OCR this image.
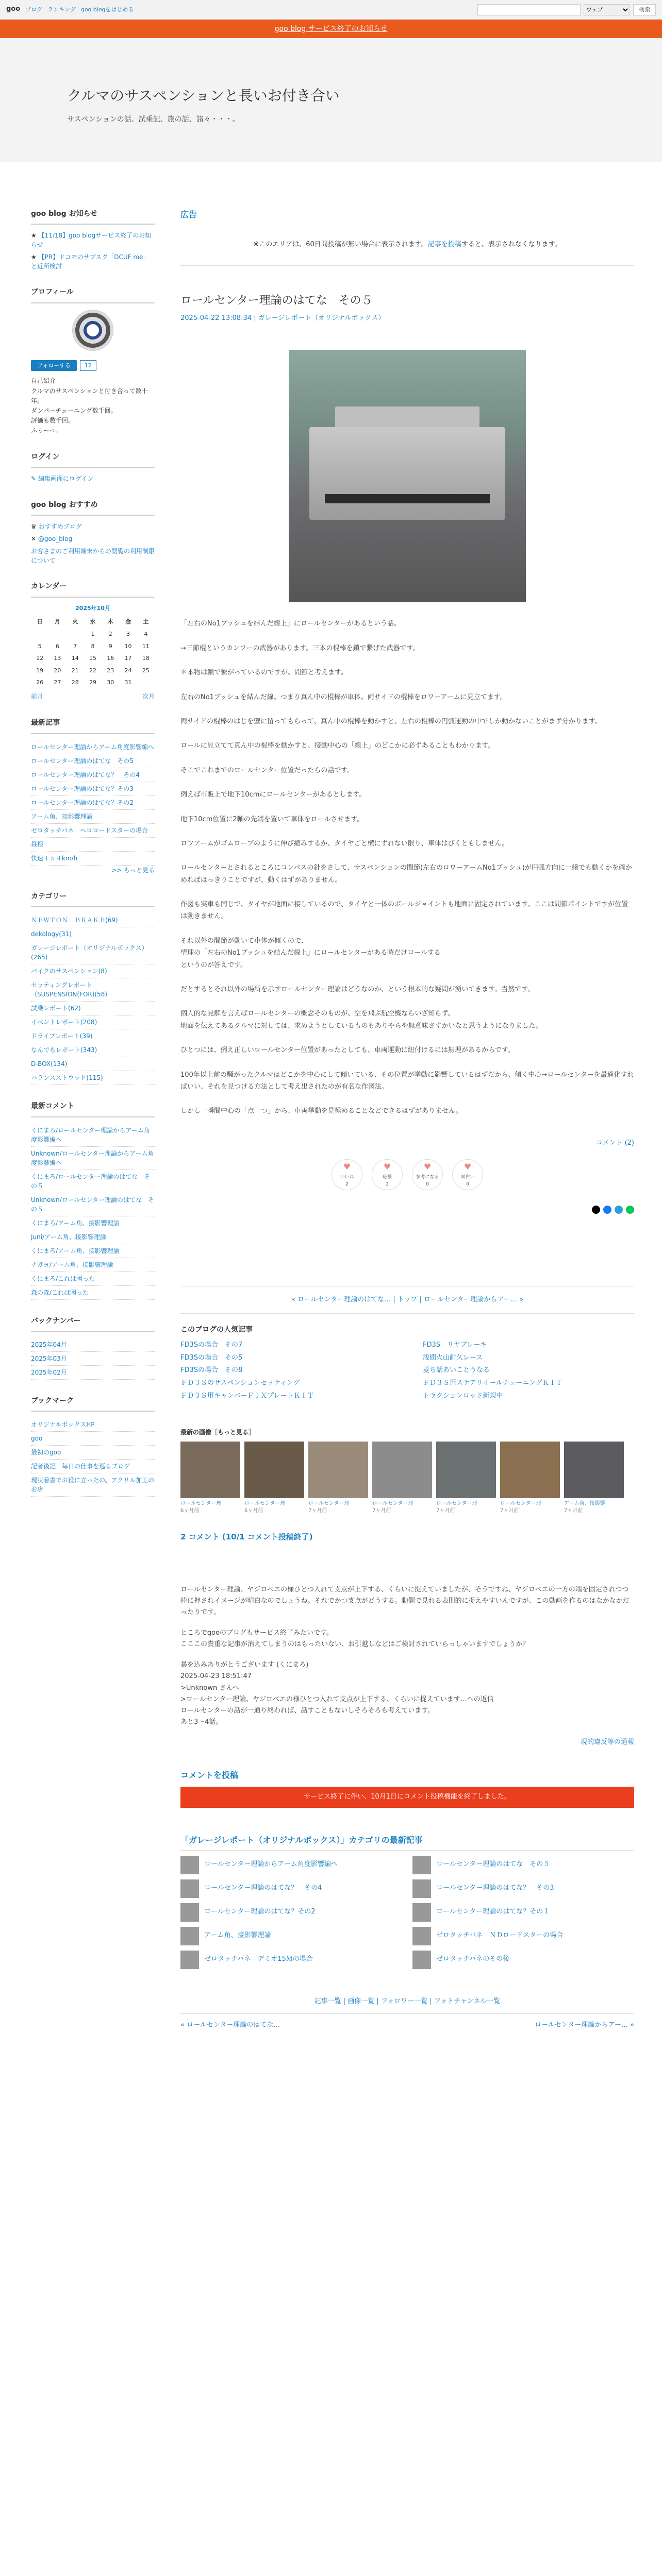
goo ブログ ランキング goo blogをはじめる
ウェブ	検索
goo blog サービス終了のお知らせ
クルマのサスペンションと長いお付き合い

サスペンションの話、試乗記、旅の話、諸々・・・。

goo blog お知らせ
★ 【11/18】goo blogサービス終了のお知らせ
★ 【PR】ドコモのサブスク「DCUF me」と近所検討
プロフィール
フォローする	12
自己紹介
クルマのサスペンションと付き合って数十年。
ダンパーチューニング数千回。
評価も数千回。
ふぅーっ。
ログイン
✎ 編集画面にログイン
goo blog おすすめ
♛ おすすめブログ
✕ @goo_blog
お客さまのご利用端末からの閲覧の利用制限について
カレンダー
2025年10月
日	月	火	水	木	金	土
			1	2	3	4
5	6	7	8	9	10	11
12	13	14	15	16	17	18
19	20	21	22	23	24	25
26	27	28	29	30	31	
前月	次月
最新記事
ロールセンター理論からアーム角度影響編へ
ロールセンター理論のはてな　その5
ロールセンター理論のはてな？　その4
ロールセンター理論のはてな？その3
ロールセンター理論のはてな？その2
アーム角、接影響理論
ゼロタッチパネ　ヘロロードスターの場合
昼根
快速１５４km/h
>> もっと見る
カテゴリー
ＮＥＷＴＯＮ　ＢＲＡＫＥ(69)
dekology(31)
ガレージレポート（オリジナルボックス）(265)
バイクのサスペンション(8)
セッティングレポート（SUSPENSION(FOR)(58)
試乗レポート(62)
イベントレポート(208)
ドライブレポート(39)
なんでもレポート(343)
D-BOX(134)
バランスストウッド(115)
最新コメント
くにまろ/ロールセンター理論からアーム角度影響編へ
Unknown/ロールセンター理論からアーム角度影響編へ
くにまろ/ロールセンター理論のはてな　その５
Unknown/ロールセンター理論のはてな　その５
くにまろ/アーム角、接影響理論
Juni/アーム角、接影響理論
くにまろ/アーム角、接影響理論
ナガヨ/アーム角、接影響理論
くにまろ/これは困った
森の森/これは困った
バックナンバー
2025年04月
2025年03月
2025年02月
ブックマーク
オリジナルボックスHP
goo
最初のgoo
記者後記　毎日の仕事を巡るブログ
現状着書でお役に立ったの。アクリル加工のお店
広告
※このエリアは、60日間投稿が無い場合に表示されます。記事を投稿すると、表示されなくなります。
ロールセンター理論のはてな　その５
2025-04-22 13:08:34 | ガレージレポート（オリジナルボックス）

「左右のNo1ブッシュを結んだ線上」にロールセンターがあるという話。

→三節棍というカンフーの武器があります。三本の棍棒を鎖で繋げた武器です。

＊本物は鎖で繋がっているのですが、間節と考えます。

左右のNo1ブッシュを結んだ線。つまり真ん中の棍棒が車体。両サイドの棍棒をロワーアームに見立てます。

両サイドの棍棒のはじを壁に留ってもらって、真ん中の棍棒を動かすと、左右の棍棒の円弧運動の中でしか動かないことがまず分かります。

ロールに見立てて真ん中の棍棒を動かすと、接動中心の「線上」のどこかに必ずあることもわかります。

そこでこれまでのロールセンター位置だったらの話です。

例えば市販上で地下10cmにロールセンターがあるとします。

地下10cm位置に2軸の先端を置いて車体をロールさせます。

ロワアームがゴムロープのように伸び縮みするか、タイヤごと横にずれない限り、車体はびくともしません。

ロールセンターとされるところにコンパスの針をさして、サスペンションの間節(左右のロワーアームNo1ブッシュ)が円弧方向に一緒でも動くかを確かめればはっきりことですが、動くはずがありません。

作図も実車も同じで、タイヤが地面に接しているので、タイヤと一体のボールジョイントも地面に固定されています。ここは間節ポイントですが位置は動きません。

それ以外の間節が動いて車体が傾くので、
望理の「左右のNo1ブッシュを結んだ線上」にロールセンターがある時だけロールする
というのが答えです。

だとするとそれ以外の場所を示すロールセンター理論はどうなのか、という根本的な疑問が湧いてきます。当然です。

個人的な見解を言えばロールセンターの概念そのものが、空を飛ぶ航空機ならいざ知らず、
地面を伝えてあるクルマに対しては、求めようとしているものもありやらや無意味さすかいなと思うようになりました。

ひとつには、例え正しいロールセンター位置があったとしても、車両運動に紐付けるには無理があるからです。

100年以上前の騒がったクルマはどこかを中心にして傾いている、その位置が挙動に影響しているはずだから、傾く中心→ロールセンターを最適化すればいい、それを見つける方法として考え出されたのが有名な作図法。

しかし一瞬間中心の「点一つ」から、車両挙動を見極めることなどできるはずがありません。

コメント (2)
♥
いいね
2
♥
応援
2
♥
参考になる
0
♥
面白い
0
« ロールセンター理論のはてな… | トップ | ロールセンター理論からアー… »
このブログの人気記事
FD3Sの場合　その7	FD3S　リヤブレーキ
FD3Sの場合　その5	浅間火山耐久レース
FD3Sの場合　その8	菱ち話あいことうなる
ＦＤ３Ｓのサスペンションセッティング	ＦＤ３Ｓ用ステアリイールチューニングＫＩＴ
ＦＤ３Ｓ用キャンバーＦＩＸプレートＫＩＴ	トラクションロッド新規中
最新の画像［もっと見る］
ロールセンター理
6ヶ月前
ロールセンター理
6ヶ月前
ロールセンター理
7ヶ月前
ロールセンター理
7ヶ月前
ロールセンター理
7ヶ月前
ロールセンター理
7ヶ月前
アーム角、接影響
7ヶ月前
2 コメント (10/1 コメント投稿終了)

ロールセンター理論、ヤジロベエの様ひとつ入れて支点が上下する、くらいに捉えていましたが、そうですね、ヤジロベエの一方の端を固定されつつ棒に押されイメージが明白なのでしょうね。それでかつ支点がどうする。動側で見れる表則的に捉えやすいんですが、この動画を作るのはなかなかだったりです。

ところでgooのブログもサービス終了みたいです。
こここの貴重な記事が消えてしまうのはもったいない、お引越しなどはご検討されていらっしゃいますでしょうか？

暴を込みありがとうございます (くにまろ)
2025-04-23 18:51:47
>Unknown さんへ
>ロールセンター理論、ヤジロベエの様ひとつ入れて支点が上下する、くらいに捉えています…への返信
ロールセンターの話が一通り終われば、話すこともないしそろそろも考えています。
あと3〜4話。

現的違反等の通報
コメントを投稿
サービス終了に伴い、10月1日にコメント投稿機能を終了しました。
「ガレージレポート（オリジナルボックス）」カテゴリの最新記事
ロールセンター理論からアーム角度影響編へ	ロールセンター理論のはてな　その５
ロールセンター理論のはてな？　その4	ロールセンター理論のはてな？　その3
ロールセンター理論のはてな？その2	ロールセンター理論のはてな？その１
アーム角、接影響理論	ゼロタッチパネ　ＮＤロードスターの場合
ゼロタッチパネ　デミオ15Ｍの場合	ゼロタッチパネのその後
記事一覧 | 画像一覧 | フォロワー一覧 | フォトチャンネル一覧
« ロールセンター理論のはてな…	ロールセンター理論からアー… »
